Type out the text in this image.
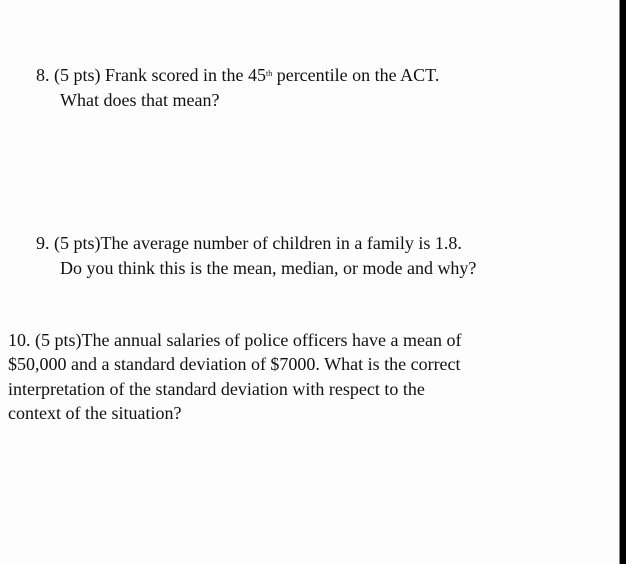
8. (5 pts) Frank scored in the 45th percentile on the ACT.
What does that mean?
9. (5 pts)The average number of children in a family is 1.8.
Do you think this is the mean, median, or mode and why?
10. (5 pts)The annual salaries of police officers have a mean of
$50,000 and a standard deviation of $7000. What is the correct
interpretation of the standard deviation with respect to the
context of the situation?
